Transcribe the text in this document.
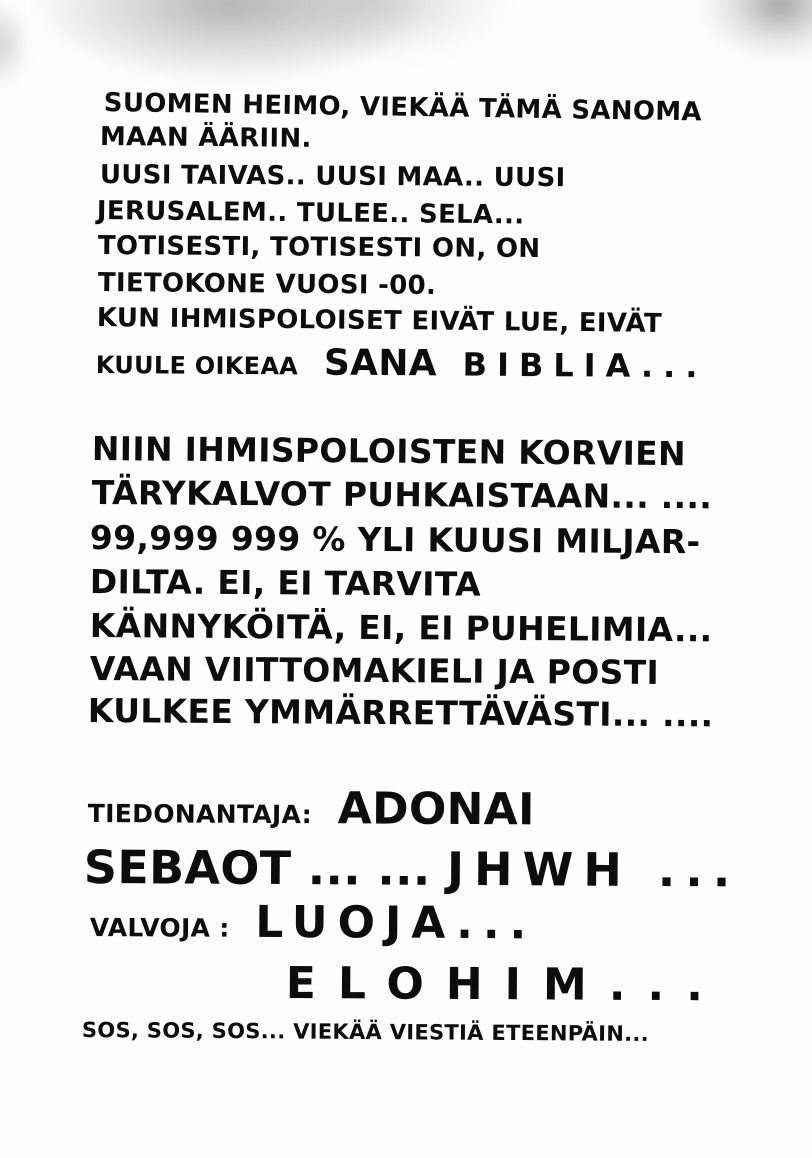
SUOMEN HEIMO, VIEKÄÄ TÄMÄ SANOMA
MAAN ÄÄRIIN.
UUSI TAIVAS.. UUSI MAA.. UUSI
JERUSALEM.. TULEE.. SELA...
TOTISESTI, TOTISESTI ON, ON
TIETOKONE VUOSI -00.
KUN IHMISPOLOISET EIVÄT LUE, EIVÄT
KUULE OIKEAA SANA BIBLIA...
NIIN IHMISPOLOISTEN KORVIEN
TÄRYKALVOT PUHKAISTAAN... ....
99,999 999 % YLI KUUSI MILJAR-
DILTA. EI, EI TARVITA
KÄNNYKÖITÄ, EI, EI PUHELIMIA...
VAAN VIITTOMAKIELI JA POSTI
KULKEE YMMÄRRETTÄVÄSTI... ....
TIEDONANTAJA: ADONAI
SEBAOT ... ... JHWH ...
VALVOJA : LUOJA...
ELOHIM...
SOS, SOS, SOS... VIEKÄÄ VIESTIÄ ETEENPÄIN...
